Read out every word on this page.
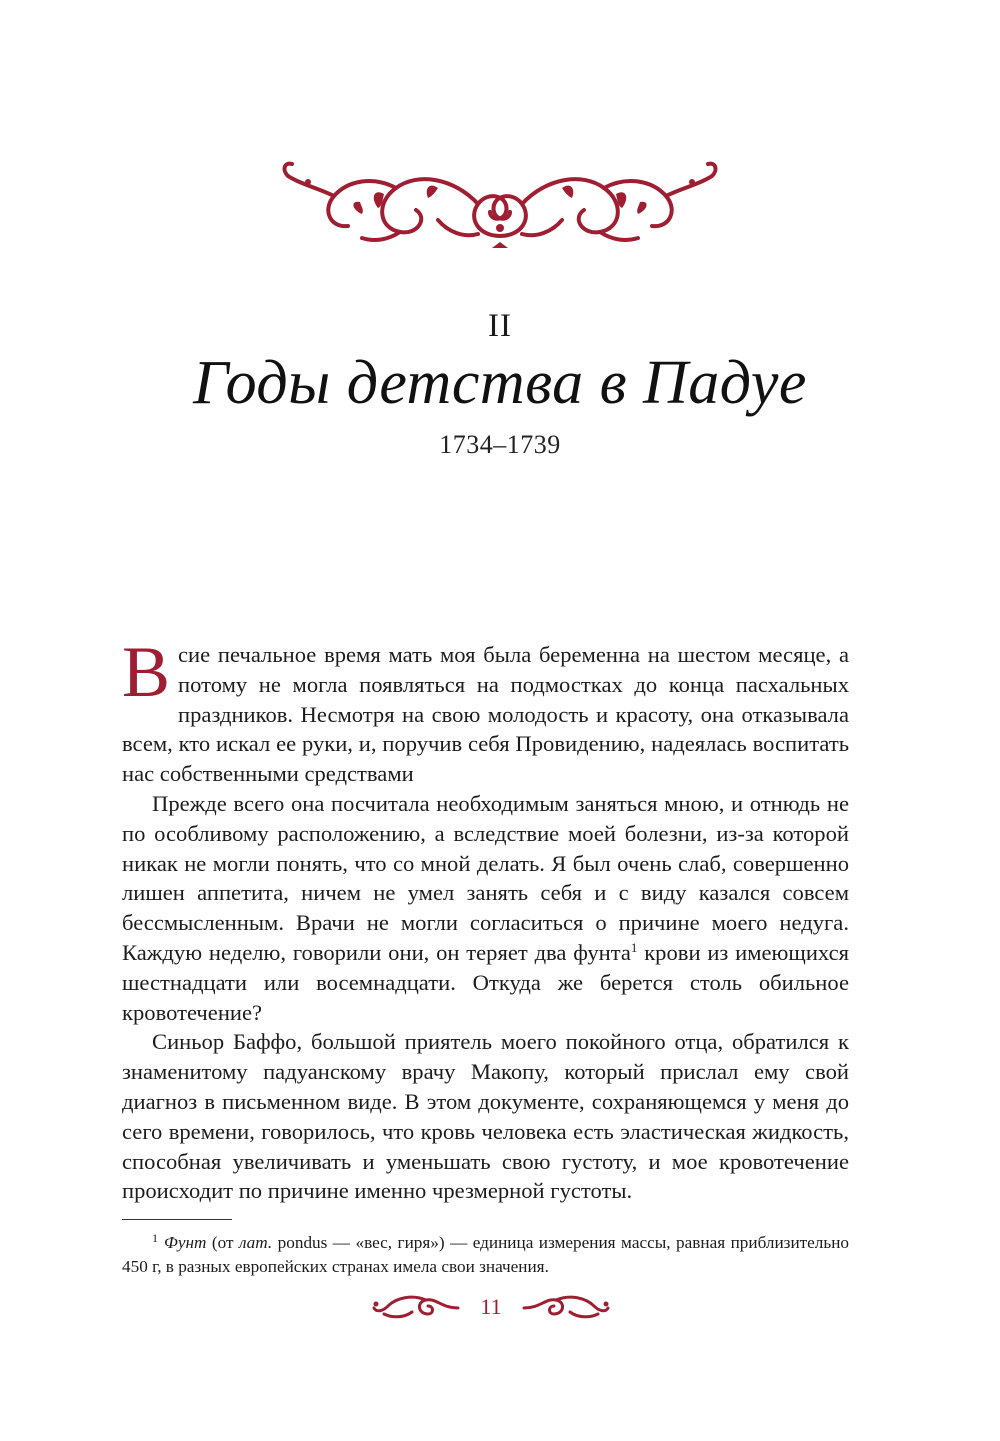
II
Годы детства в Падуе
1734–1739

В сие печальное время мать моя была беременна на шестом месяце, а потому не могла появляться на подмостках до конца пасхальных праздников. Несмотря на свою молодость и красоту, она отказывала всем, кто искал ее руки, и, поручив себя Провидению, надеялась воспитать нас собственными средствами

Прежде всего она посчитала необходимым заняться мною, и отнюдь не по особливому расположению, а вследствие моей болезни, из-за которой никак не могли понять, что со мной делать. Я был очень слаб, совершенно лишен аппетита, ничем не умел занять себя и с виду казался совсем бессмысленным. Врачи не могли согласиться о причине моего недуга. Каждую неделю, говорили они, он теряет два фунта$^1$ крови из имеющихся шестнадцати или восемнадцати. Откуда же берется столь обильное кровотечение?

Синьор Баффо, большой приятель моего покойного отца, обратился к знаменитому падуанскому врачу Макопу, который прислал ему свой диагноз в письменном виде. В этом документе, сохраняющемся у меня до сего времени, говорилось, что кровь человека есть эластическая жидкость, способная увеличивать и уменьшать свою густоту, и мое кровотечение происходит по причине именно чрезмерной густоты.

$^1$ Фунт (от лат. pondus — «вес, гиря») — единица измерения массы, равная приблизительно 450 г, в разных европейских странах имела свои значения.
11
